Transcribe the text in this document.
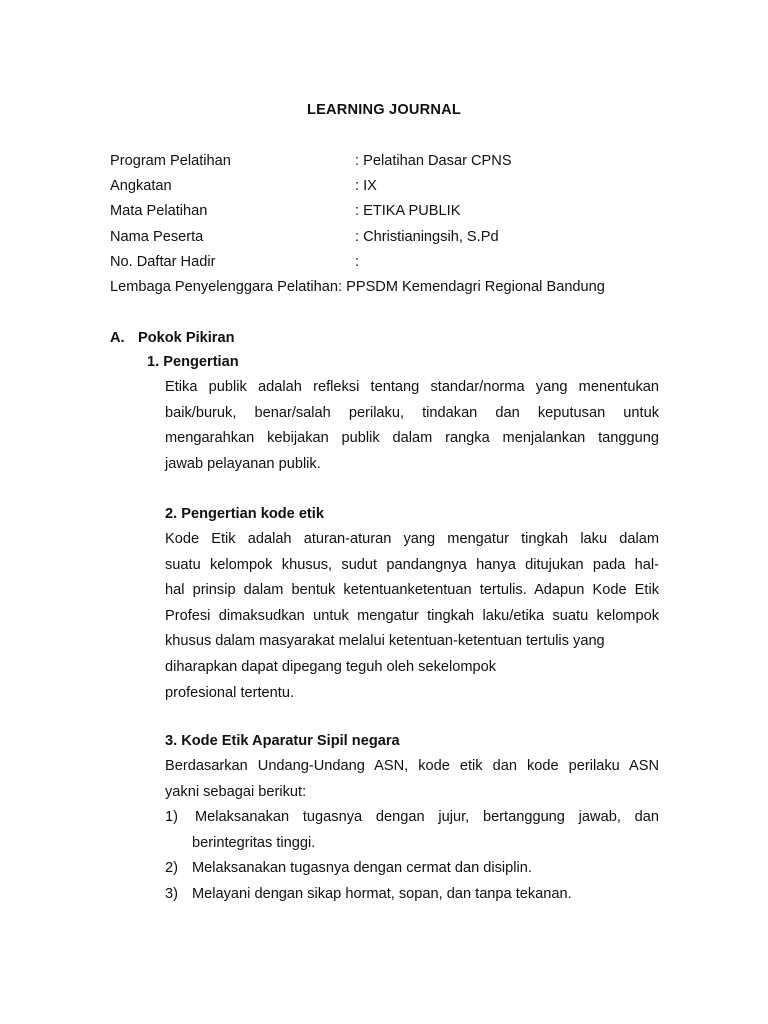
LEARNING JOURNAL
Program Pelatihan	: Pelatihan Dasar CPNS
Angkatan	: IX
Mata Pelatihan	: ETIKA PUBLIK
Nama Peserta	: Christianingsih, S.Pd
No. Daftar Hadir	:
Lembaga Penyelenggara Pelatihan: PPSDM Kemendagri Regional Bandung
A. Pokok Pikiran
1. Pengertian
Etika publik adalah refleksi tentang standar/norma yang menentukan
baik/buruk, benar/salah perilaku, tindakan dan keputusan untuk
mengarahkan kebijakan publik dalam rangka menjalankan tanggung
jawab pelayanan publik.
2. Pengertian kode etik
Kode Etik adalah aturan-aturan yang mengatur tingkah laku dalam
suatu kelompok khusus, sudut pandangnya hanya ditujukan pada hal-
hal prinsip dalam bentuk ketentuanketentuan tertulis. Adapun Kode Etik
Profesi dimaksudkan untuk mengatur tingkah laku/etika suatu kelompok
khusus dalam masyarakat melalui ketentuan-ketentuan tertulis yang
diharapkan dapat dipegang teguh oleh sekelompok
profesional tertentu.
3. Kode Etik Aparatur Sipil negara
Berdasarkan Undang-Undang ASN, kode etik dan kode perilaku ASN
yakni sebagai berikut:
1) Melaksanakan tugasnya dengan jujur, bertanggung jawab, dan
berintegritas tinggi.
2) Melaksanakan tugasnya dengan cermat dan disiplin.
3) Melayani dengan sikap hormat, sopan, dan tanpa tekanan.
